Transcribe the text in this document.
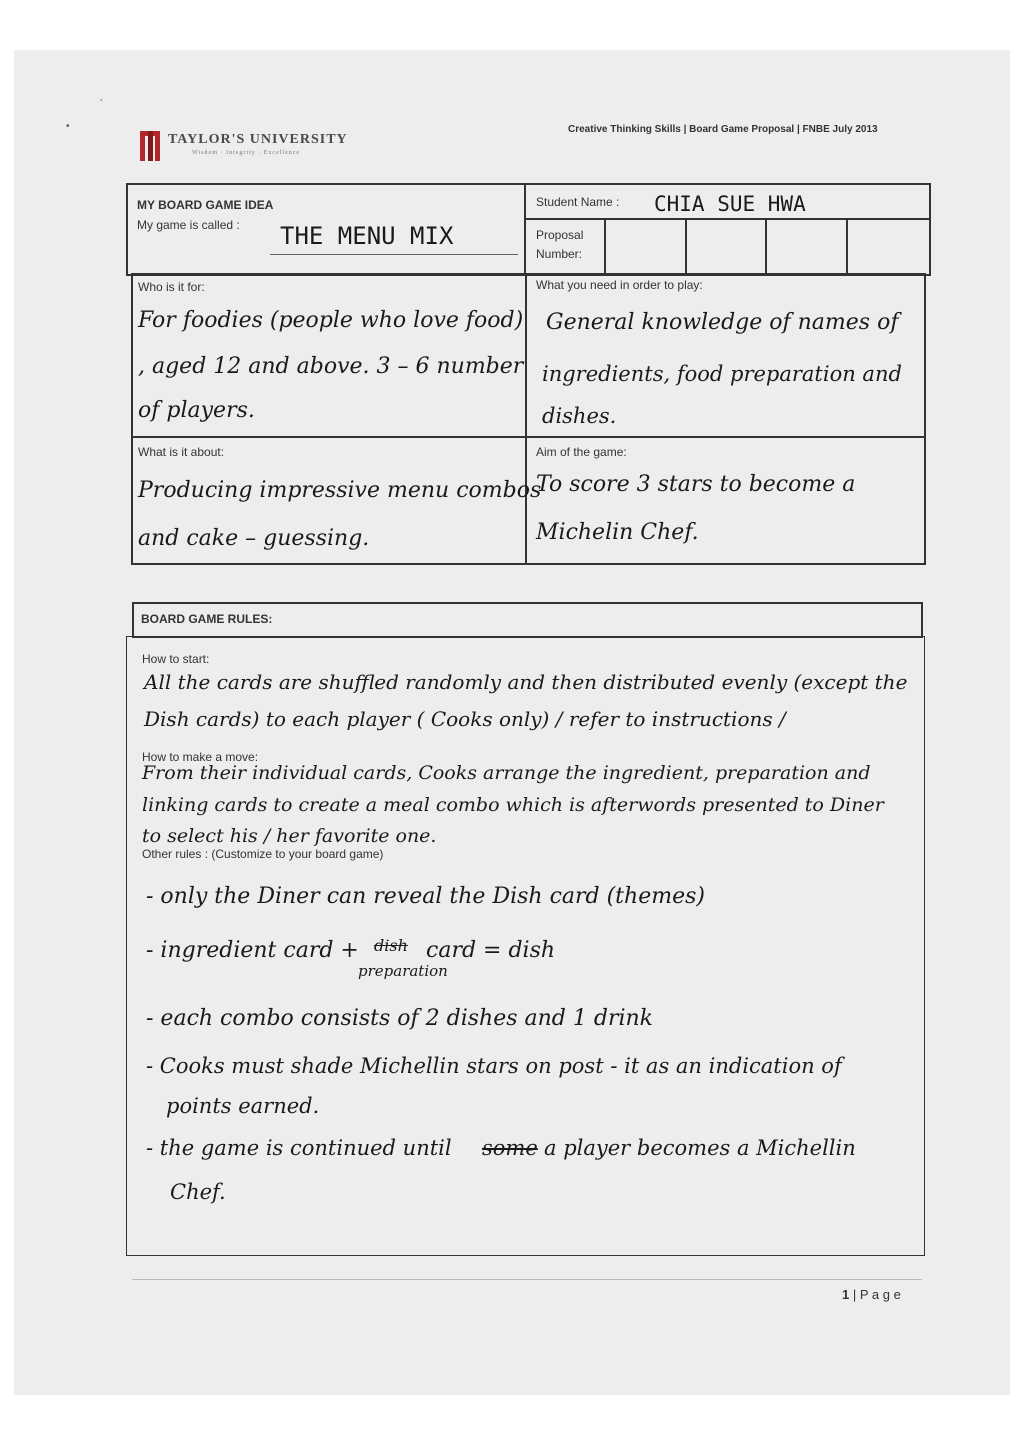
’
•
TAYLOR'S UNIVERSITY
Wisdom · Integrity · Excellence
Creative Thinking Skills | Board Game Proposal | FNBE July 2013
MY BOARD GAME IDEA
My game is called : THE MENU MIX
Student Name : CHIA SUE HWA
Proposal
Number:
Who is it for:
For foodies (people who love food)
, aged 12 and above. 3 – 6 number
of players.
What you need in order to play:
General knowledge of names of
ingredients, food preparation and
dishes.
What is it about:
Producing impressive menu combos
and cake – guessing.
Aim of the game:
To score 3 stars to become a
Michelin Chef.
BOARD GAME RULES:
How to start:
All the cards are shuffled randomly and then distributed evenly (except the
Dish cards) to each player ( Cooks only) / refer to instructions /
How to make a move:
From their individual cards, Cooks arrange the ingredient, preparation and
linking cards to create a meal combo which is afterwords presented to Diner
to select his / her favorite one.
Other rules : (Customize to your board game)
- only the Diner can reveal the Dish card (themes)
- ingredient card + dish card = dish
preparation
- each combo consists of 2 dishes and 1 drink
- Cooks must shade Michellin stars on post - it as an indication of
points earned.
- the game is continued until some a player becomes a Michellin
Chef.
1 | P a g e
